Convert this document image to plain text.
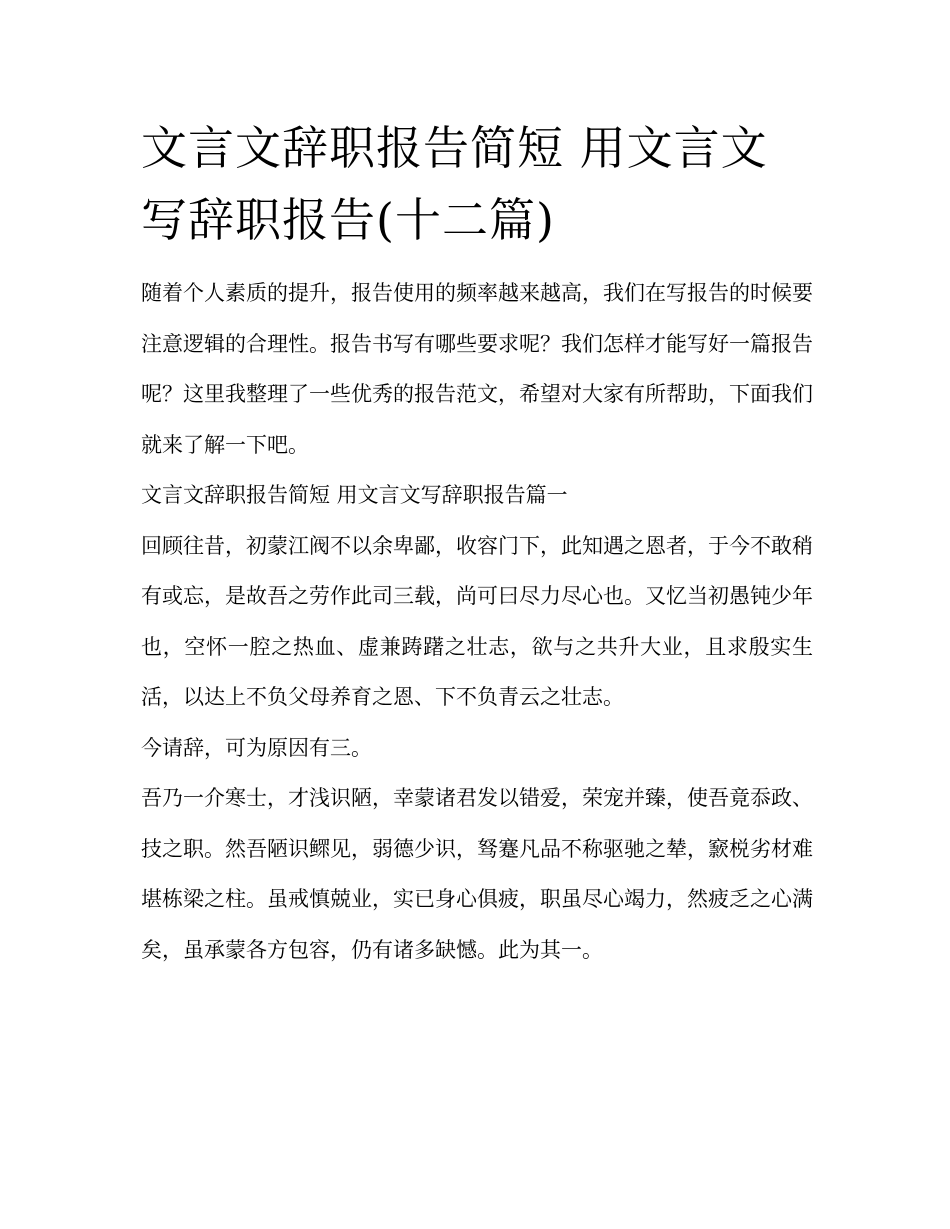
文言文辞职报告简短 用文言文写辞职报告(十二篇)

随着个人素质的提升，报告使用的频率越来越高，我们在写报告的时候要注意逻辑的合理性。报告书写有哪些要求呢？我们怎样才能写好一篇报告呢？这里我整理了一些优秀的报告范文，希望对大家有所帮助，下面我们就来了解一下吧。

文言文辞职报告简短 用文言文写辞职报告篇一

回顾往昔，初蒙江阀不以余卑鄙，收容门下，此知遇之恩者，于今不敢稍有或忘，是故吾之劳作此司三载，尚可曰尽力尽心也。又忆当初愚钝少年也，空怀一腔之热血、虚兼踌躇之壮志，欲与之共升大业，且求殷实生活，以达上不负父母养育之恩、下不负青云之壮志。

今请辞，可为原因有三。

吾乃一介寒士，才浅识陋，幸蒙诸君发以错爱，荣宠并臻，使吾竟忝政、技之职。然吾陋识鳏见，弱德少识，驽蹇凡品不称驱驰之辇，窾棁劣材难堪栋梁之柱。虽戒慎兢业，实已身心俱疲，职虽尽心竭力，然疲乏之心满矣，虽承蒙各方包容，仍有诸多缺憾。此为其一。
